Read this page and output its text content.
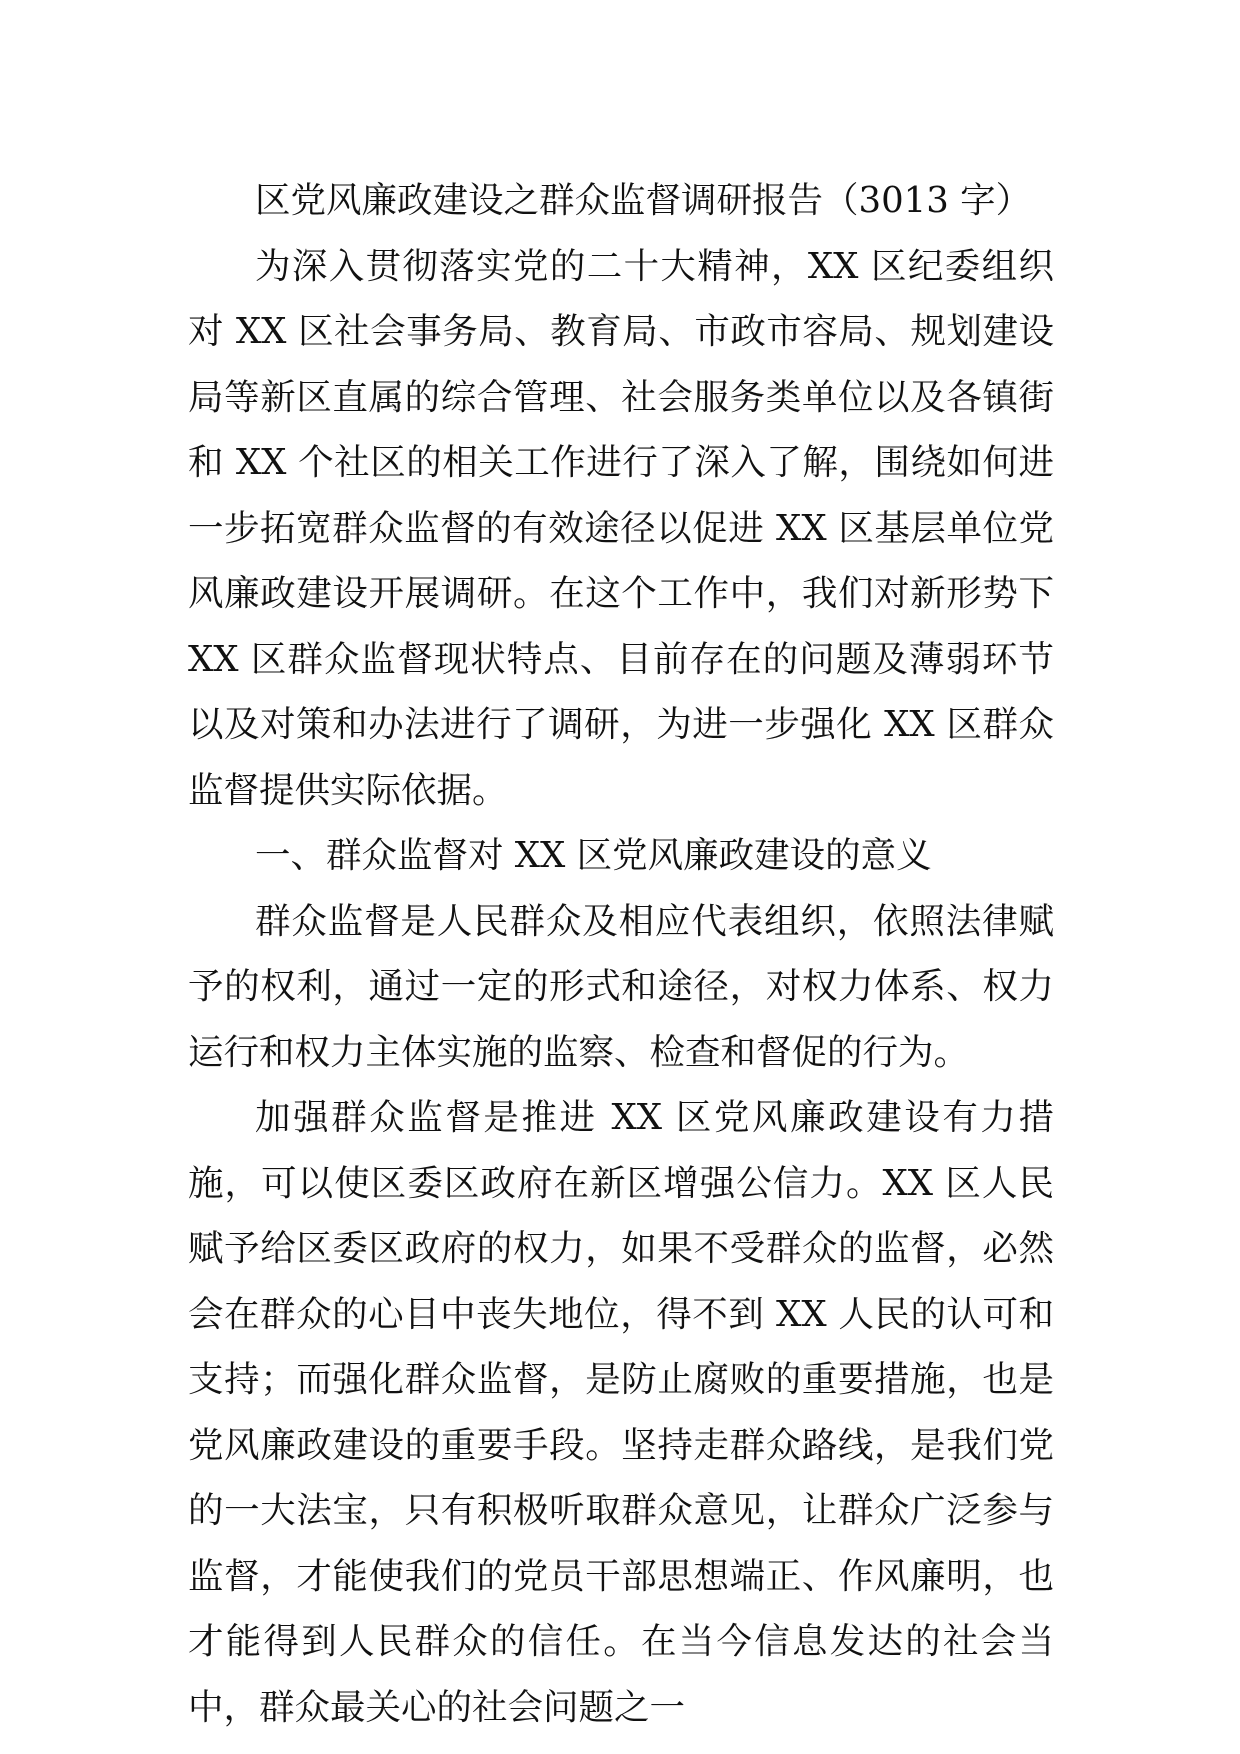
区党风廉政建设之群众监督调研报告（3013 字）

为深入贯彻落实党的二十大精神，XX 区纪委组织对 XX 区社会事务局、教育局、市政市容局、规划建设局等新区直属的综合管理、社会服务类单位以及各镇街和 XX 个社区的相关工作进行了深入了解，围绕如何进一步拓宽群众监督的有效途径以促进 XX 区基层单位党风廉政建设开展调研。在这个工作中，我们对新形势下 XX 区群众监督现状特点、目前存在的问题及薄弱环节以及对策和办法进行了调研，为进一步强化 XX 区群众监督提供实际依据。

一、群众监督对 XX 区党风廉政建设的意义

群众监督是人民群众及相应代表组织，依照法律赋予的权利，通过一定的形式和途径，对权力体系、权力运行和权力主体实施的监察、检查和督促的行为。

加强群众监督是推进 XX 区党风廉政建设有力措施，可以使区委区政府在新区增强公信力。XX 区人民赋予给区委区政府的权力，如果不受群众的监督，必然会在群众的心目中丧失地位，得不到 XX 人民的认可和支持；而强化群众监督，是防止腐败的重要措施，也是党风廉政建设的重要手段。坚持走群众路线，是我们党的一大法宝，只有积极听取群众意见，让群众广泛参与监督，才能使我们的党员干部思想端正、作风廉明，也才能得到人民群众的信任。在当今信息发达的社会当中，群众最关心的社会问题之一
